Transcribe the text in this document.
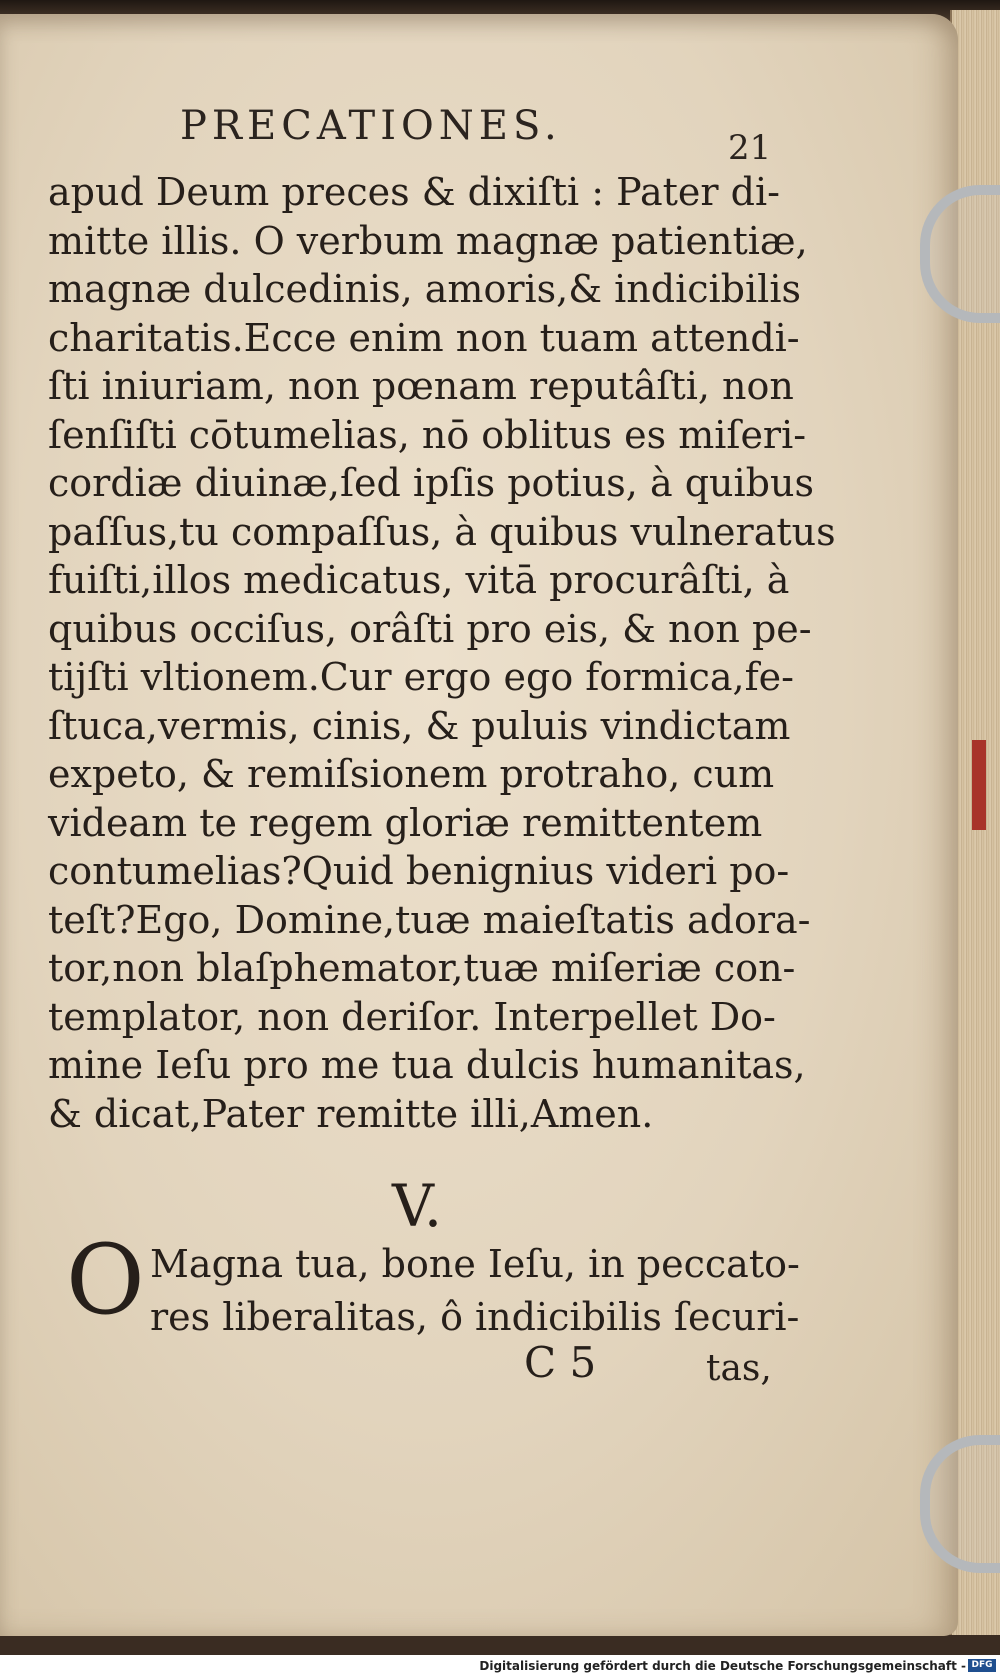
PRECATIONES.	21
apud Deum preces & dixiſti : Pater di-
mitte illis. O verbum magnæ patientiæ,
magnæ dulcedinis, amoris,& indicibilis
charitatis.Ecce enim non tuam attendi-
ſti iniuriam, non pœnam reputâſti, non
ſenſiſti cōtumelias, nō oblitus es miſeri-
cordiæ diuinæ,ſed ipſis potius, à quibus
paſſus,tu compaſſus, à quibus vulneratus
fuiſti,illos medicatus, vitā procurâſti, à
quibus occiſus, orâſti pro eis, & non pe-
tijſti vltionem.Cur ergo ego formica,fe-
ſtuca,vermis, cinis, & puluis vindictam
expeto, & remiſsionem protraho, cum
videam te regem gloriæ remittentem
contumelias?Quid benignius videri po-
teſt?Ego, Domine,tuæ maieſtatis adora-
tor,non blaſphemator,tuæ miſeriæ con-
templator, non deriſor. Interpellet Do-
mine Ieſu pro me tua dulcis humanitas,
& dicat,Pater remitte illi,Amen.
V.
O Magna tua, bone Ieſu, in peccato-
res liberalitas, ô indicibilis ſecuri-
C 5	tas,
Digitalisierung gefördert durch die Deutsche Forschungsgemeinschaft - DFG
